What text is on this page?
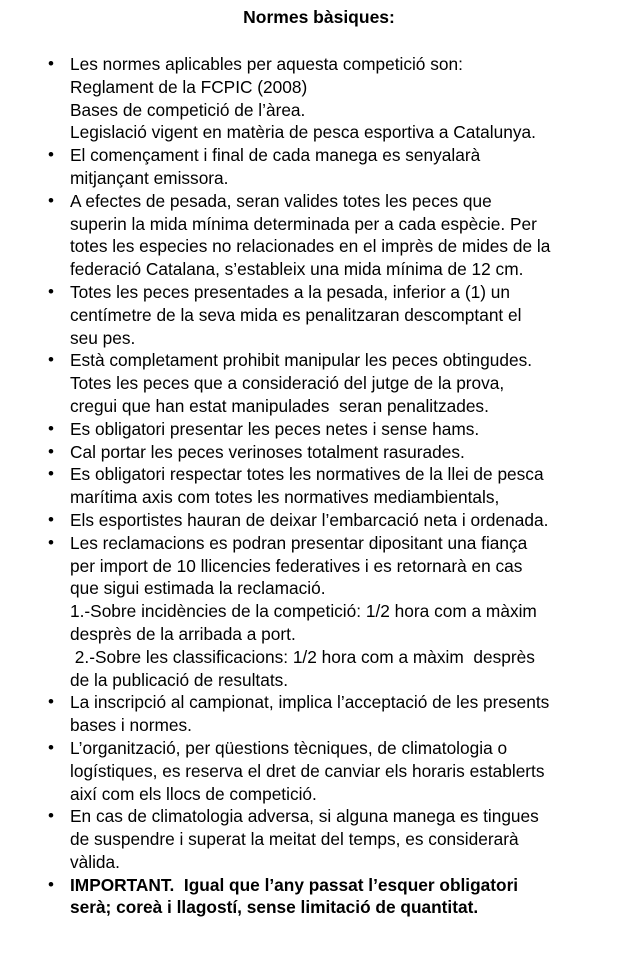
Normes bàsiques:
• Les normes aplicables per aquesta competició son:
Reglament de la FCPIC (2008)
Bases de competició de l’àrea.
Legislació vigent en matèria de pesca esportiva a Catalunya.
• El començament i final de cada manega es senyalarà
mitjançant emissora.
• A efectes de pesada, seran valides totes les peces que
superin la mida mínima determinada per a cada espècie. Per
totes les especies no relacionades en el imprès de mides de la
federació Catalana, s’estableix una mida mínima de 12 cm.
• Totes les peces presentades a la pesada, inferior a (1) un
centímetre de la seva mida es penalitzaran descomptant el
seu pes.
• Està completament prohibit manipular les peces obtingudes.
Totes les peces que a consideració del jutge de la prova,
cregui que han estat manipulades  seran penalitzades.
• Es obligatori presentar les peces netes i sense hams.
• Cal portar les peces verinoses totalment rasurades.
• Es obligatori respectar totes les normatives de la llei de pesca
marítima axis com totes les normatives mediambientals,
• Els esportistes hauran de deixar l’embarcació neta i ordenada.
• Les reclamacions es podran presentar dipositant una fiança
per import de 10 llicencies federatives i es retornarà en cas
que sigui estimada la reclamació.
1.-Sobre incidències de la competició: 1/2 hora com a màxim
desprès de la arribada a port.
2.-Sobre les classificacions: 1/2 hora com a màxim  desprès
de la publicació de resultats.
• La inscripció al campionat, implica l’acceptació de les presents
bases i normes.
• L’organització, per qüestions tècniques, de climatologia o
logístiques, es reserva el dret de canviar els horaris establerts
així com els llocs de competició.
• En cas de climatologia adversa, si alguna manega es tingues
de suspendre i superat la meitat del temps, es considerarà
vàlida.
• IMPORTANT.  Igual que l’any passat l’esquer obligatori
serà; coreà i llagostí, sense limitació de quantitat.
